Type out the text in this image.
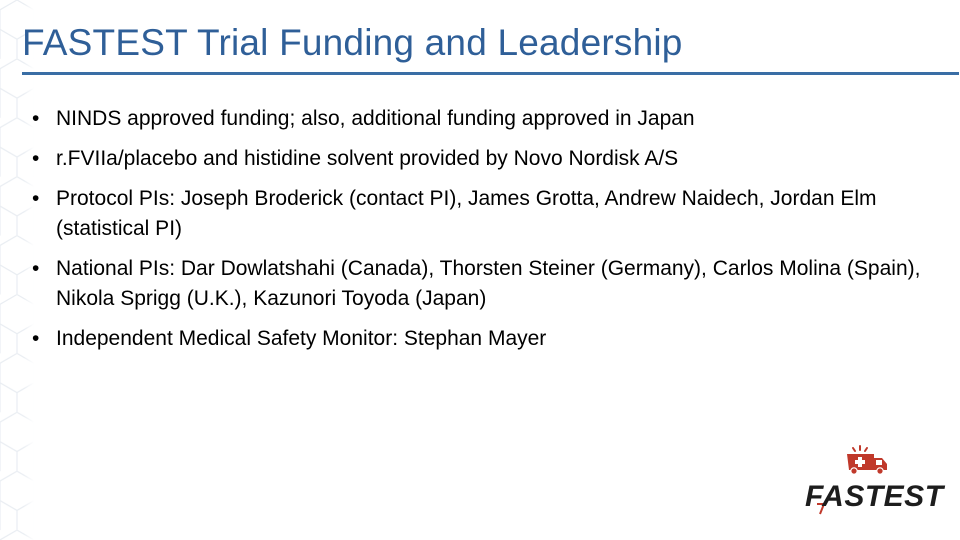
FASTEST Trial Funding and Leadership
• NINDS approved funding; also, additional funding approved in Japan
• r.FVIIa/placebo and histidine solvent provided by Novo Nordisk A/S
• Protocol PIs: Joseph Broderick (contact PI), James Grotta, Andrew Naidech, Jordan Elm (statistical PI)
• National PIs: Dar Dowlatshahi (Canada), Thorsten Steiner (Germany), Carlos Molina (Spain), Nikola Sprigg (U.K.), Kazunori Toyoda (Japan)
• Independent Medical Safety Monitor: Stephan Mayer
FASTEST
